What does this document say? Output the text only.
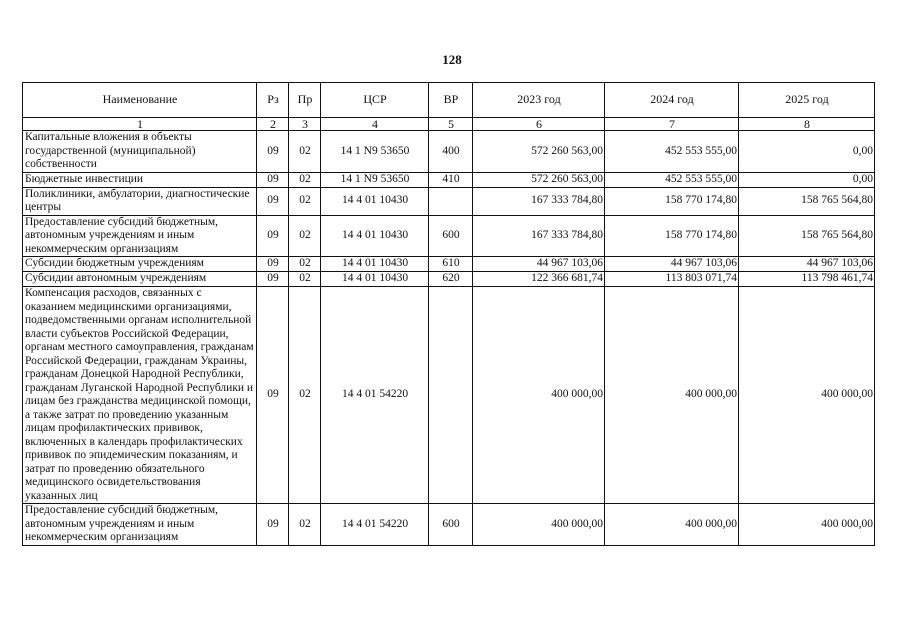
128
Наименование	Рз	Пр	ЦСР	ВР	2023 год	2024 год	2025 год
1	2	3	4	5	6	7	8
Капитальные вложения в объекты государственной (муниципальной) собственности	09	02	14 1 N9 53650	400	572 260 563,00	452 553 555,00	0,00
Бюджетные инвестиции	09	02	14 1 N9 53650	410	572 260 563,00	452 553 555,00	0,00
Поликлиники, амбулатории, диагностические центры	09	02	14 4 01 10430		167 333 784,80	158 770 174,80	158 765 564,80
Предоставление субсидий бюджетным, автономным учреждениям и иным некоммерческим организациям	09	02	14 4 01 10430	600	167 333 784,80	158 770 174,80	158 765 564,80
Субсидии бюджетным учреждениям	09	02	14 4 01 10430	610	44 967 103,06	44 967 103,06	44 967 103,06
Субсидии автономным учреждениям	09	02	14 4 01 10430	620	122 366 681,74	113 803 071,74	113 798 461,74
Компенсация расходов, связанных с оказанием медицинскими организациями, подведомственными органам исполнительной власти субъектов Российской Федерации, органам местного самоуправления, гражданам Российской Федерации, гражданам Украины, гражданам Донецкой Народной Республики, гражданам Луганской Народной Республики и лицам без гражданства медицинской помощи, а также затрат по проведению указанным лицам профилактических прививок, включенных в календарь профилактических прививок по эпидемическим показаниям, и затрат по проведению обязательного медицинского освидетельствования указанных лиц	09	02	14 4 01 54220		400 000,00	400 000,00	400 000,00
Предоставление субсидий бюджетным, автономным учреждениям и иным некоммерческим организациям	09	02	14 4 01 54220	600	400 000,00	400 000,00	400 000,00
